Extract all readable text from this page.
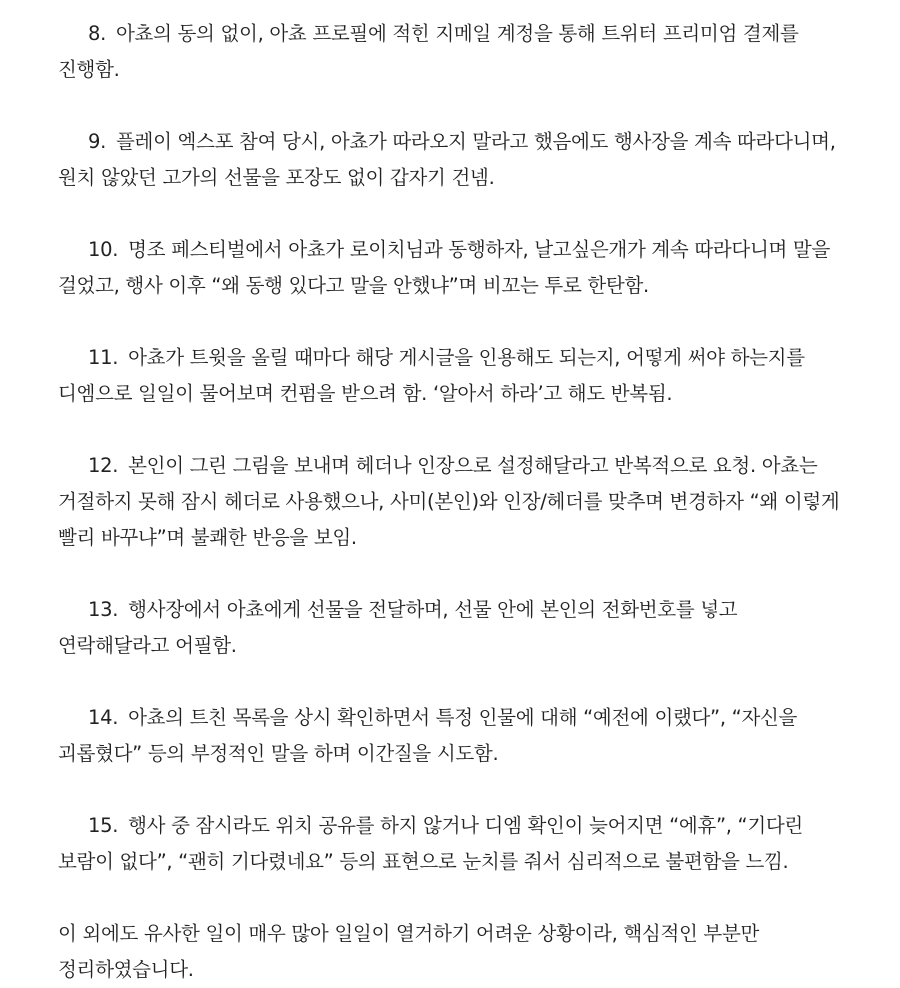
8. 아쵸의 동의 없이, 아쵸 프로필에 적힌 지메일 계정을 통해 트위터 프리미엄 결제를 진행함.
9. 플레이 엑스포 참여 당시, 아쵸가 따라오지 말라고 했음에도 행사장을 계속 따라다니며, 원치 않았던 고가의 선물을 포장도 없이 갑자기 건넴.
10. 명조 페스티벌에서 아쵸가 로이치님과 동행하자, 날고싶은개가 계속 따라다니며 말을 걸었고, 행사 이후 “왜 동행 있다고 말을 안했냐”며 비꼬는 투로 한탄함.
11. 아쵸가 트윗을 올릴 때마다 해당 게시글을 인용해도 되는지, 어떻게 써야 하는지를 디엠으로 일일이 물어보며 컨펌을 받으려 함. ‘알아서 하라’고 해도 반복됨.
12. 본인이 그린 그림을 보내며 헤더나 인장으로 설정해달라고 반복적으로 요청. 아쵸는 거절하지 못해 잠시 헤더로 사용했으나, 사미(본인)와 인장/헤더를 맞추며 변경하자 “왜 이렇게 빨리 바꾸냐”며 불쾌한 반응을 보임.
13. 행사장에서 아쵸에게 선물을 전달하며, 선물 안에 본인의 전화번호를 넣고 연락해달라고 어필함.
14. 아쵸의 트친 목록을 상시 확인하면서 특정 인물에 대해 “예전에 이랬다”, “자신을 괴롭혔다” 등의 부정적인 말을 하며 이간질을 시도함.
15. 행사 중 잠시라도 위치 공유를 하지 않거나 디엠 확인이 늦어지면 “에휴”, “기다린 보람이 없다”, “괜히 기다렸네요” 등의 표현으로 눈치를 줘서 심리적으로 불편함을 느낌.

이 외에도 유사한 일이 매우 많아 일일이 열거하기 어려운 상황이라, 핵심적인 부분만 정리하였습니다.
